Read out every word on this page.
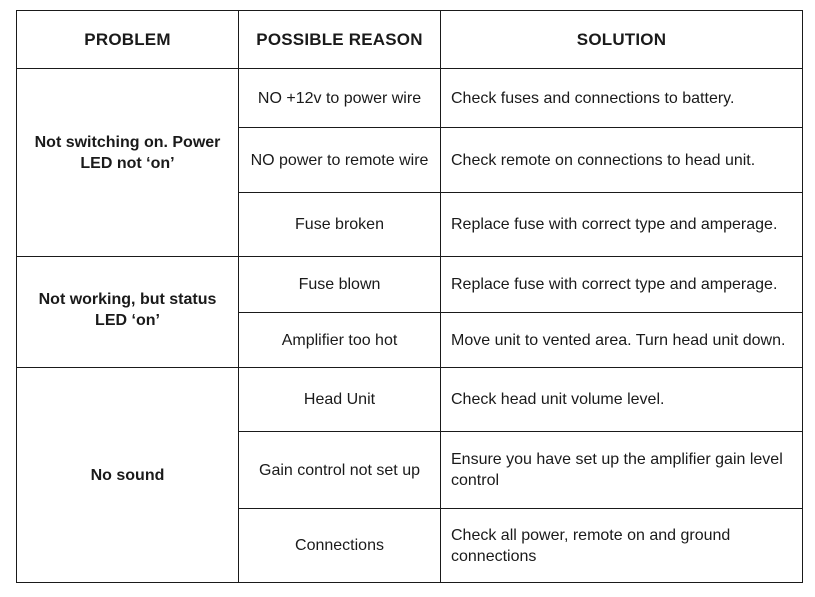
PROBLEM	POSSIBLE REASON	SOLUTION
Not switching on. Power LED not ‘on’	NO +12v to power wire	Check fuses and connections to battery.
	NO power to remote wire	Check remote on connections to head unit.
	Fuse broken	Replace fuse with correct type and amperage.
Not working, but status LED ‘on’	Fuse blown	Replace fuse with correct type and amperage.
	Amplifier too hot	Move unit to vented area. Turn head unit down.
No sound	Head Unit	Check head unit volume level.
	Gain control not set up	Ensure you have set up the amplifier gain level control
	Connections	Check all power, remote on and ground connections
